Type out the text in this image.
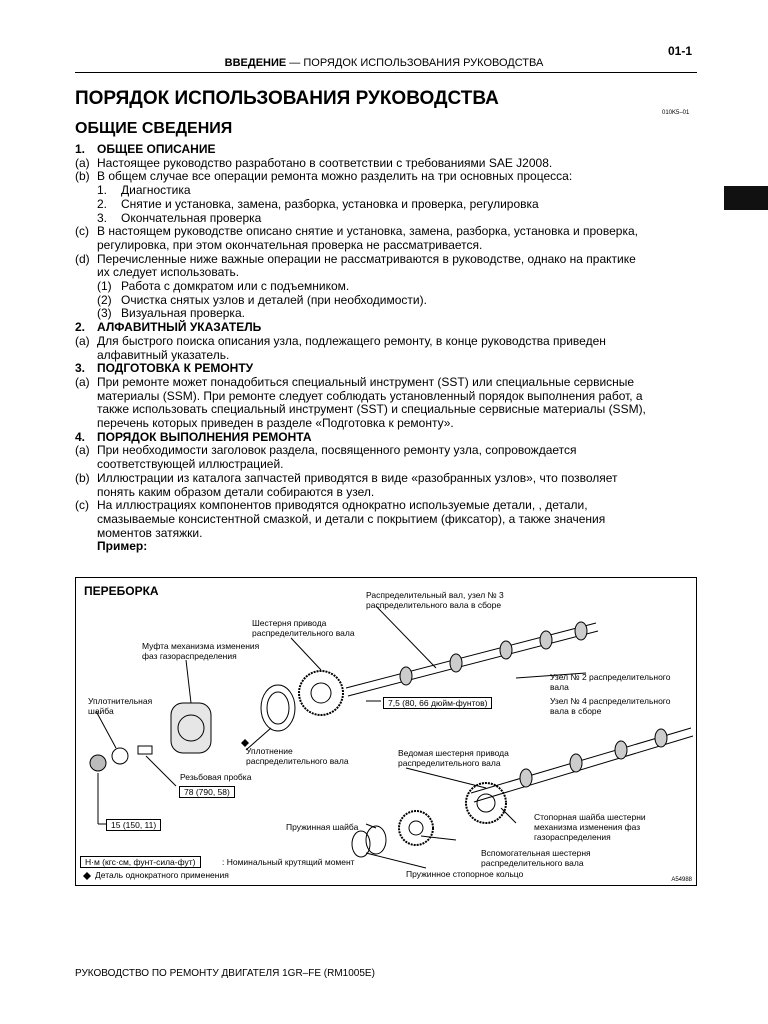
01-1
ВВЕДЕНИЕ — ПОРЯДОК ИСПОЛЬЗОВАНИЯ РУКОВОДСТВА
ПОРЯДОК ИСПОЛЬЗОВАНИЯ РУКОВОДСТВА
010K5–01
ОБЩИЕ СВЕДЕНИЯ
1. ОБЩЕЕ ОПИСАНИЕ
(a) Настоящее руководство разработано в соответствии с требованиями SAE J2008.
(b) В общем случае все операции ремонта можно разделить на три основных процесса:
1.	Диагностика
2.	Снятие и установка, замена, разборка, установка и проверка, регулировка
3.	Окончательная проверка
(c) В настоящем руководстве описано снятие и установка, замена, разборка, установка и проверка,
регулировка, при этом окончательная проверка не рассматривается.
(d) Перечисленные ниже важные операции не рассматриваются в руководстве, однако на практике
их следует использовать.
(1) Работа с домкратом или с подъемником.
(2) Очистка снятых узлов и деталей (при необходимости).
(3) Визуальная проверка.
2. АЛФАВИТНЫЙ УКАЗАТЕЛЬ
(a) Для быстрого поиска описания узла, подлежащего ремонту, в конце руководства приведен
алфавитный указатель.
3. ПОДГОТОВКА К РЕМОНТУ
(a) При ремонте может понадобиться специальный инструмент (SST) или специальные сервисные
материалы (SSM). При ремонте следует соблюдать установленный порядок выполнения работ, а
также использовать специальный инструмент (SST) и специальные сервисные материалы (SSM),
перечень которых приведен в разделе «Подготовка к ремонту».
4. ПОРЯДОК ВЫПОЛНЕНИЯ РЕМОНТА
(a) При необходимости заголовок раздела, посвященного ремонту узла, сопровождается
соответствующей иллюстрацией.
(b) Иллюстрации из каталога запчастей приводятся в виде «разобранных узлов», что позволяет
понять каким образом детали собираются в узел.
(c) На иллюстрациях компонентов приводятся однократно используемые детали, , детали,
смазываемые консистентной смазкой, и детали с покрытием (фиксатор), а также значения
моментов затяжки.
Пример:
ПЕРЕБОРКА	Распределительный вал, узел № 3
распределительного вала в сборе
Шестерня привода
распределительного вала
Муфта механизма изменения
фаз газораспределения
Уплотнительная
шайба
Узел № 2 распределительного
вала
Узел № 4 распределительного
вала в сборе
Уплотнение
распределительного вала
Резьбовая пробка
Ведомая шестерня привода
распределительного вала
Стопорная шайба шестерни
механизма изменения фаз
газораспределения
Пружинная шайба
Вспомогательная шестерня
распределительного вала
Пружинное стопорное кольцо
7,5 (80, 66 дюйм-фунтов)
78 (790, 58)
15 (150, 11)
Н·м (кгс·см, фунт-сила-фут)	: Номинальный крутящий момент
Деталь однократного применения	A54988
РУКОВОДСТВО ПО РЕМОНТУ ДВИГАТЕЛЯ 1GR–FE (RM1005E)
